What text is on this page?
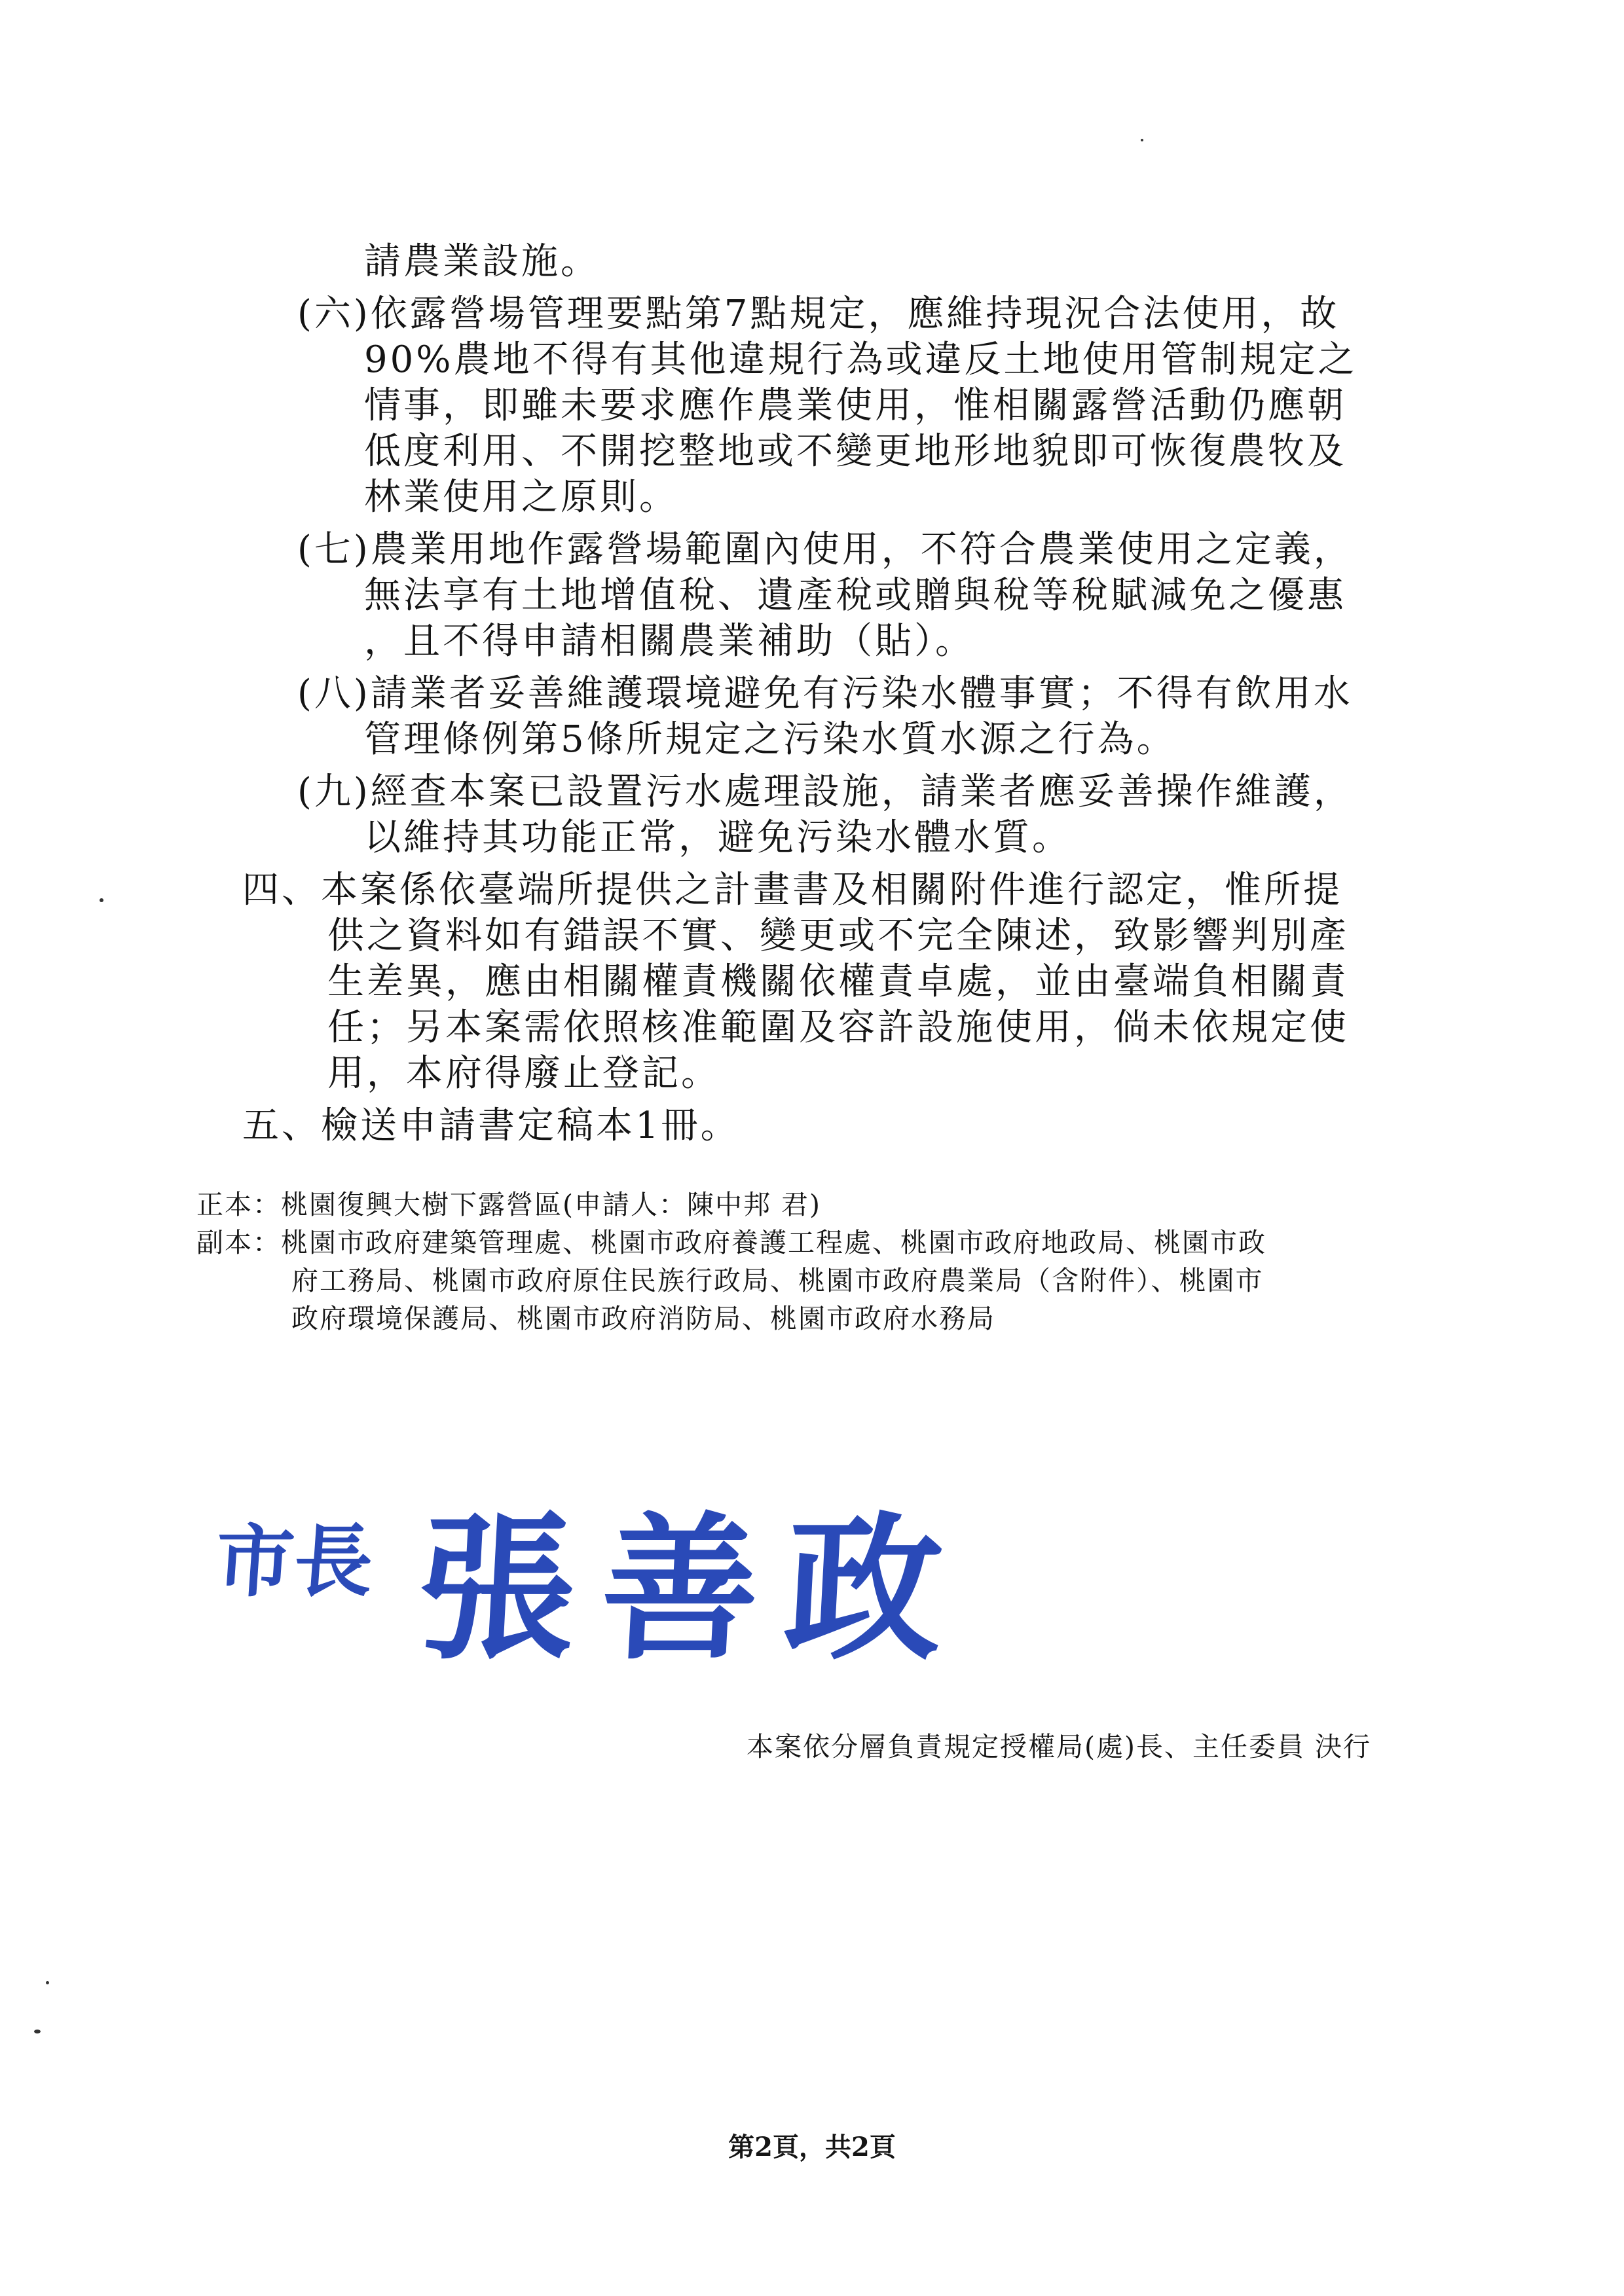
請農業設施。
(六)依露營場管理要點第7點規定，應維持現況合法使用，故
90%農地不得有其他違規行為或違反土地使用管制規定之
情事，即雖未要求應作農業使用，惟相關露營活動仍應朝
低度利用、不開挖整地或不變更地形地貌即可恢復農牧及
林業使用之原則。
(七)農業用地作露營場範圍內使用，不符合農業使用之定義，
無法享有土地增值稅、遺產稅或贈與稅等稅賦減免之優惠
，且不得申請相關農業補助（貼）。
(八)請業者妥善維護環境避免有污染水體事實；不得有飲用水
管理條例第5條所規定之污染水質水源之行為。
(九)經查本案已設置污水處理設施，請業者應妥善操作維護，
以維持其功能正常，避免污染水體水質。
四、本案係依臺端所提供之計畫書及相關附件進行認定，惟所提
供之資料如有錯誤不實、變更或不完全陳述，致影響判別產
生差異，應由相關權責機關依權責卓處，並由臺端負相關責
任；另本案需依照核准範圍及容許設施使用，倘未依規定使
用，本府得廢止登記。
五、檢送申請書定稿本1冊。
正本：桃園復興大樹下露營區(申請人：陳中邦 君)
副本：桃園市政府建築管理處、桃園市政府養護工程處、桃園市政府地政局、桃園市政
府工務局、桃園市政府原住民族行政局、桃園市政府農業局（含附件）、桃園市
政府環境保護局、桃園市政府消防局、桃園市政府水務局
市長 張善政
本案依分層負責規定授權局(處)長、主任委員 決行
第2頁，共2頁
